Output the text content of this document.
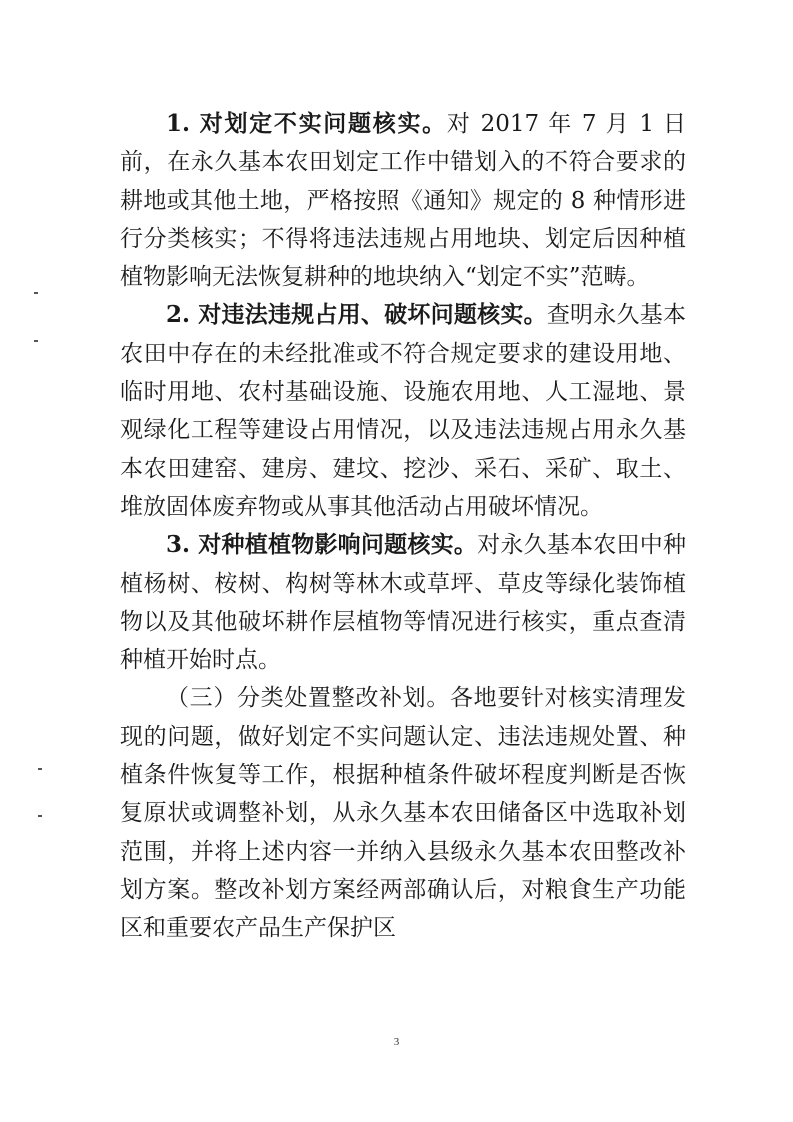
1. 对划定不实问题核实。对 2017 年 7 月 1 日前，在永久基本农田划定工作中错划入的不符合要求的耕地或其他土地，严格按照《通知》规定的 8 种情形进行分类核实；不得将违法违规占用地块、划定后因种植植物影响无法恢复耕种的地块纳入“划定不实”范畴。

2. 对违法违规占用、破坏问题核实。查明永久基本农田中存在的未经批准或不符合规定要求的建设用地、临时用地、农村基础设施、设施农用地、人工湿地、景观绿化工程等建设占用情况，以及违法违规占用永久基本农田建窑、建房、建坟、挖沙、采石、采矿、取土、堆放固体废弃物或从事其他活动占用破坏情况。

3. 对种植植物影响问题核实。对永久基本农田中种植杨树、桉树、构树等林木或草坪、草皮等绿化装饰植物以及其他破坏耕作层植物等情况进行核实，重点查清种植开始时点。

（三）分类处置整改补划。各地要针对核实清理发现的问题，做好划定不实问题认定、违法违规处置、种植条件恢复等工作，根据种植条件破坏程度判断是否恢复原状或调整补划，从永久基本农田储备区中选取补划范围，并将上述内容一并纳入县级永久基本农田整改补划方案。整改补划方案经两部确认后，对粮食生产功能区和重要农产品生产保护区

3
